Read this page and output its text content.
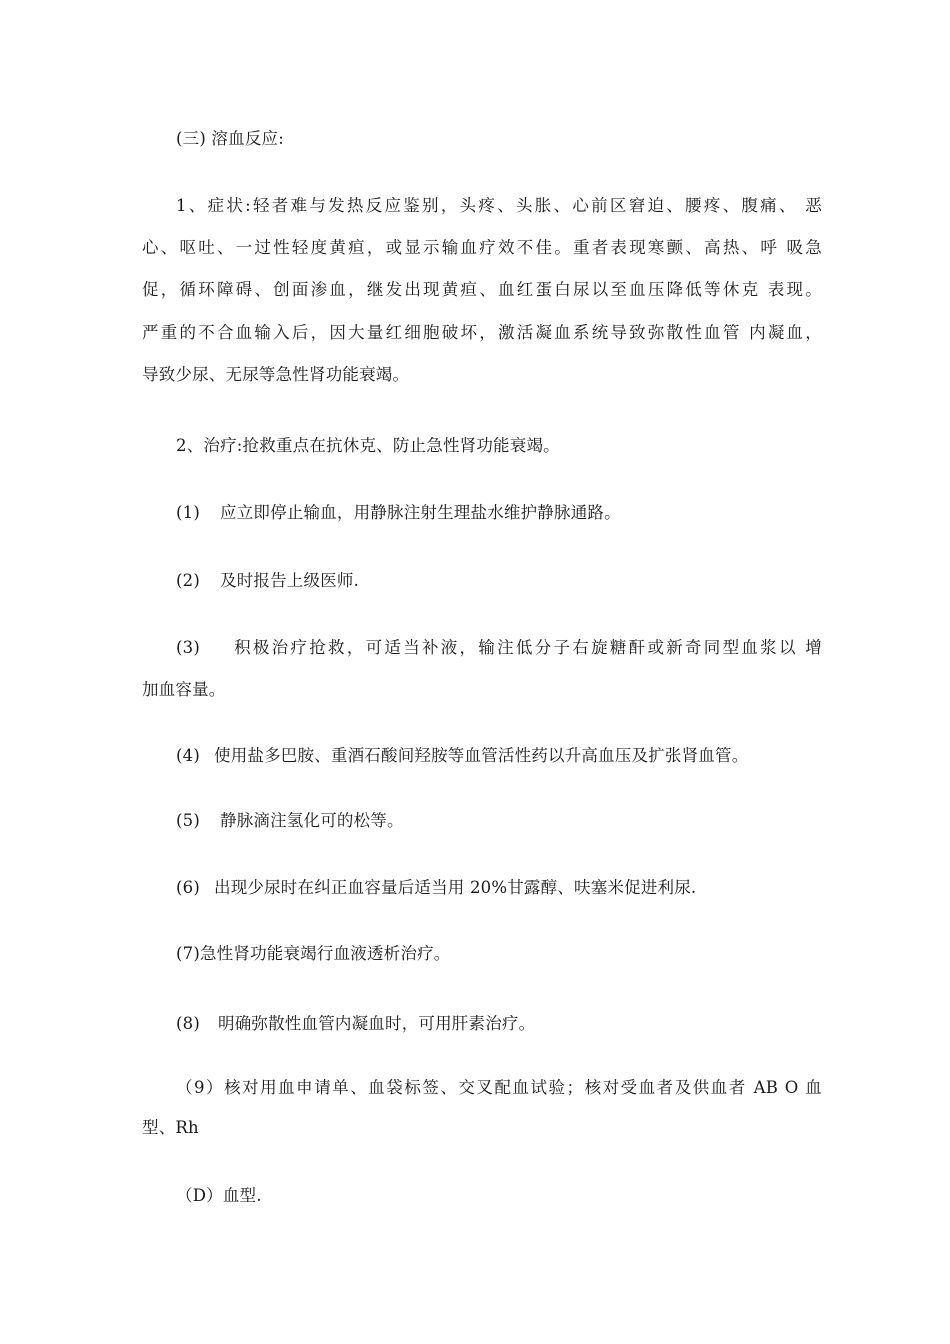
(三) 溶血反应:
1、症状:轻者难与发热反应鉴别，头疼、头胀、心前区窘迫、腰疼、腹痛、 恶
心、呕吐、一过性轻度黄疸，或显示输血疗效不佳。重者表现寒颤、高热、呼 吸急
促，循环障碍、创面渗血，继发出现黄疸、血红蛋白尿以至血压降低等休克 表现。
严重的不合血输入后，因大量红细胞破坏，激活凝血系统导致弥散性血管 内凝血，
导致少尿、无尿等急性肾功能衰竭。
2、治疗:抢救重点在抗休克、防止急性肾功能衰竭。
(1) 应立即停止输血，用静脉注射生理盐水维护静脉通路。
(2) 及时报告上级医师.
(3) 积极治疗抢救，可适当补液，输注低分子右旋糖酐或新奇同型血浆以 增
加血容量。
(4) 使用盐多巴胺、重酒石酸间羟胺等血管活性药以升高血压及扩张肾血管。
(5) 静脉滴注氢化可的松等。
(6) 出现少尿时在纠正血容量后适当用 20%甘露醇、呋塞米促进利尿.
(7)急性肾功能衰竭行血液透析治疗。
(8) 明确弥散性血管内凝血时，可用肝素治疗。
（9）核对用血申请单、血袋标签、交叉配血试验；核对受血者及供血者 AB O 血
型、Rh
（D）血型.
